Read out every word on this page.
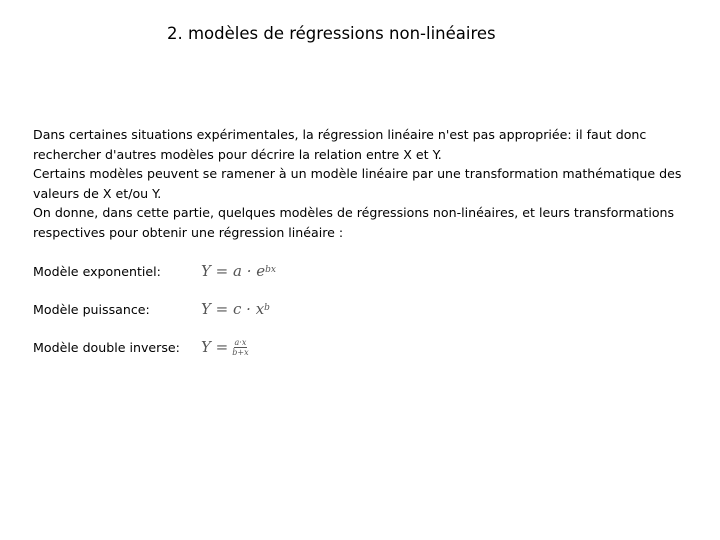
2. modèles de régressions non-linéaires

Dans certaines situations expérimentales, la régression linéaire n'est pas appropriée: il faut donc rechercher d'autres modèles pour décrire la relation entre X et Y.

Certains modèles peuvent se ramener à un modèle linéaire par une transformation mathématique des valeurs de X et/ou Y.

On donne, dans cette partie, quelques modèles de régressions non-linéaires, et leurs transformations respectives pour obtenir une régression linéaire :

Modèle exponentiel:	$Y = a \cdot e^{bx}$
Modèle puissance:	$Y = c \cdot x^b$
Modèle double inverse:	$Y = \frac{a\cdot x}{b+x}$
